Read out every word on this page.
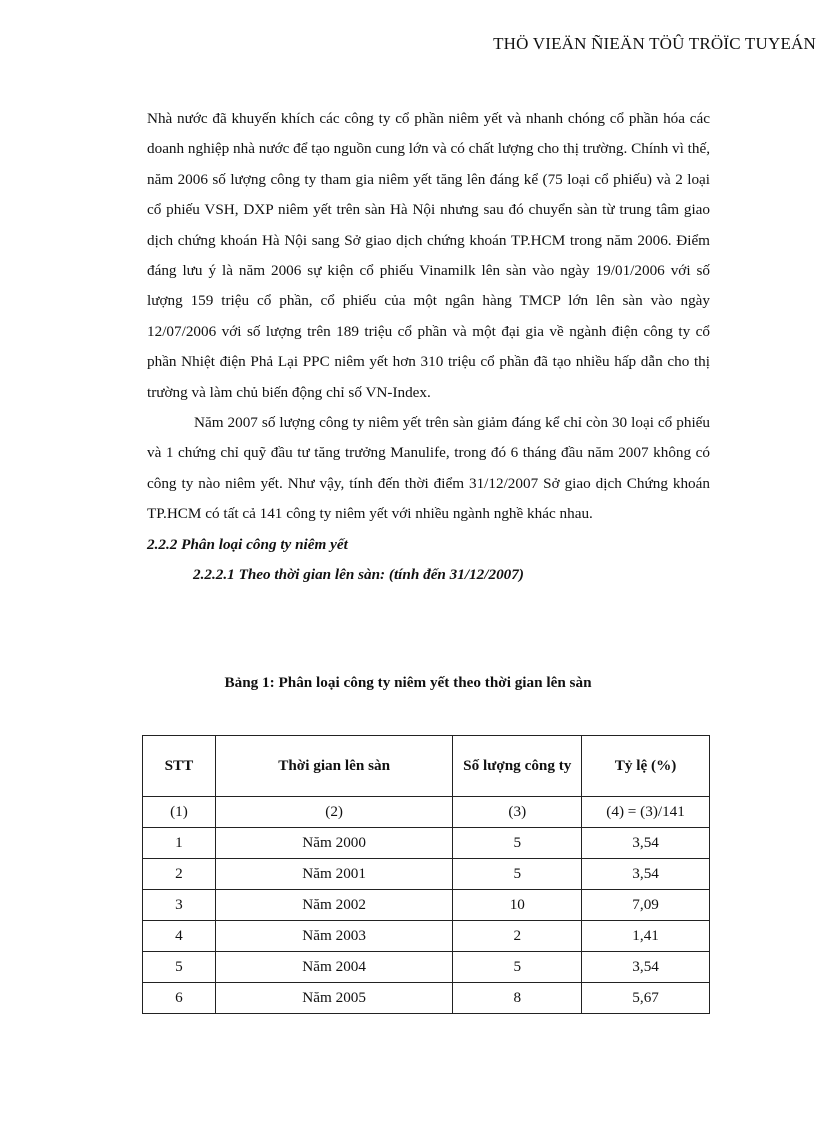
THÖ VIEÄN ÑIEÄN TÖÛ TRÖÏC TUYEÁN

Nhà nước đã khuyến khích các công ty cổ phần niêm yết và nhanh chóng cổ phần hóa các doanh nghiệp nhà nước để tạo nguồn cung lớn và có chất lượng cho thị trường. Chính vì thế, năm 2006 số lượng công ty tham gia niêm yết tăng lên đáng kể (75 loại cổ phiếu) và 2 loại cổ phiếu VSH, DXP niêm yết trên sàn Hà Nội nhưng sau đó chuyển sàn từ trung tâm giao dịch chứng khoán Hà Nội sang Sở giao dịch chứng khoán TP.HCM trong năm 2006. Điểm đáng lưu ý là năm 2006 sự kiện cổ phiếu Vinamilk lên sàn vào ngày 19/01/2006 với số lượng 159 triệu cổ phần, cổ phiếu của một ngân hàng TMCP lớn lên sàn vào ngày 12/07/2006 với số lượng trên 189 triệu cổ phần và một đại gia về ngành điện công ty cổ phần Nhiệt điện Phả Lại PPC niêm yết hơn 310 triệu cổ phần đã tạo nhiều hấp dẫn cho thị trường và làm chủ biến động chỉ số VN-Index.

Năm 2007 số lượng công ty niêm yết trên sàn giảm đáng kể chỉ còn 30 loại cổ phiếu và 1 chứng chỉ quỹ đầu tư tăng trưởng Manulife, trong đó 6 tháng đầu năm 2007 không có công ty nào niêm yết. Như vậy, tính đến thời điểm 31/12/2007 Sở giao dịch Chứng khoán TP.HCM có tất cả 141 công ty niêm yết với nhiều ngành nghề khác nhau.

2.2.2 Phân loại công ty niêm yết

2.2.2.1 Theo thời gian lên sàn: (tính đến 31/12/2007)

Bảng 1: Phân loại công ty niêm yết theo thời gian lên sàn
STT	Thời gian lên sàn	Số lượng công ty	Tỷ lệ (%)
(1)	(2)	(3)	(4) = (3)/141
1	Năm 2000	5	3,54
2	Năm 2001	5	3,54
3	Năm 2002	10	7,09
4	Năm 2003	2	1,41
5	Năm 2004	5	3,54
6	Năm 2005	8	5,67
